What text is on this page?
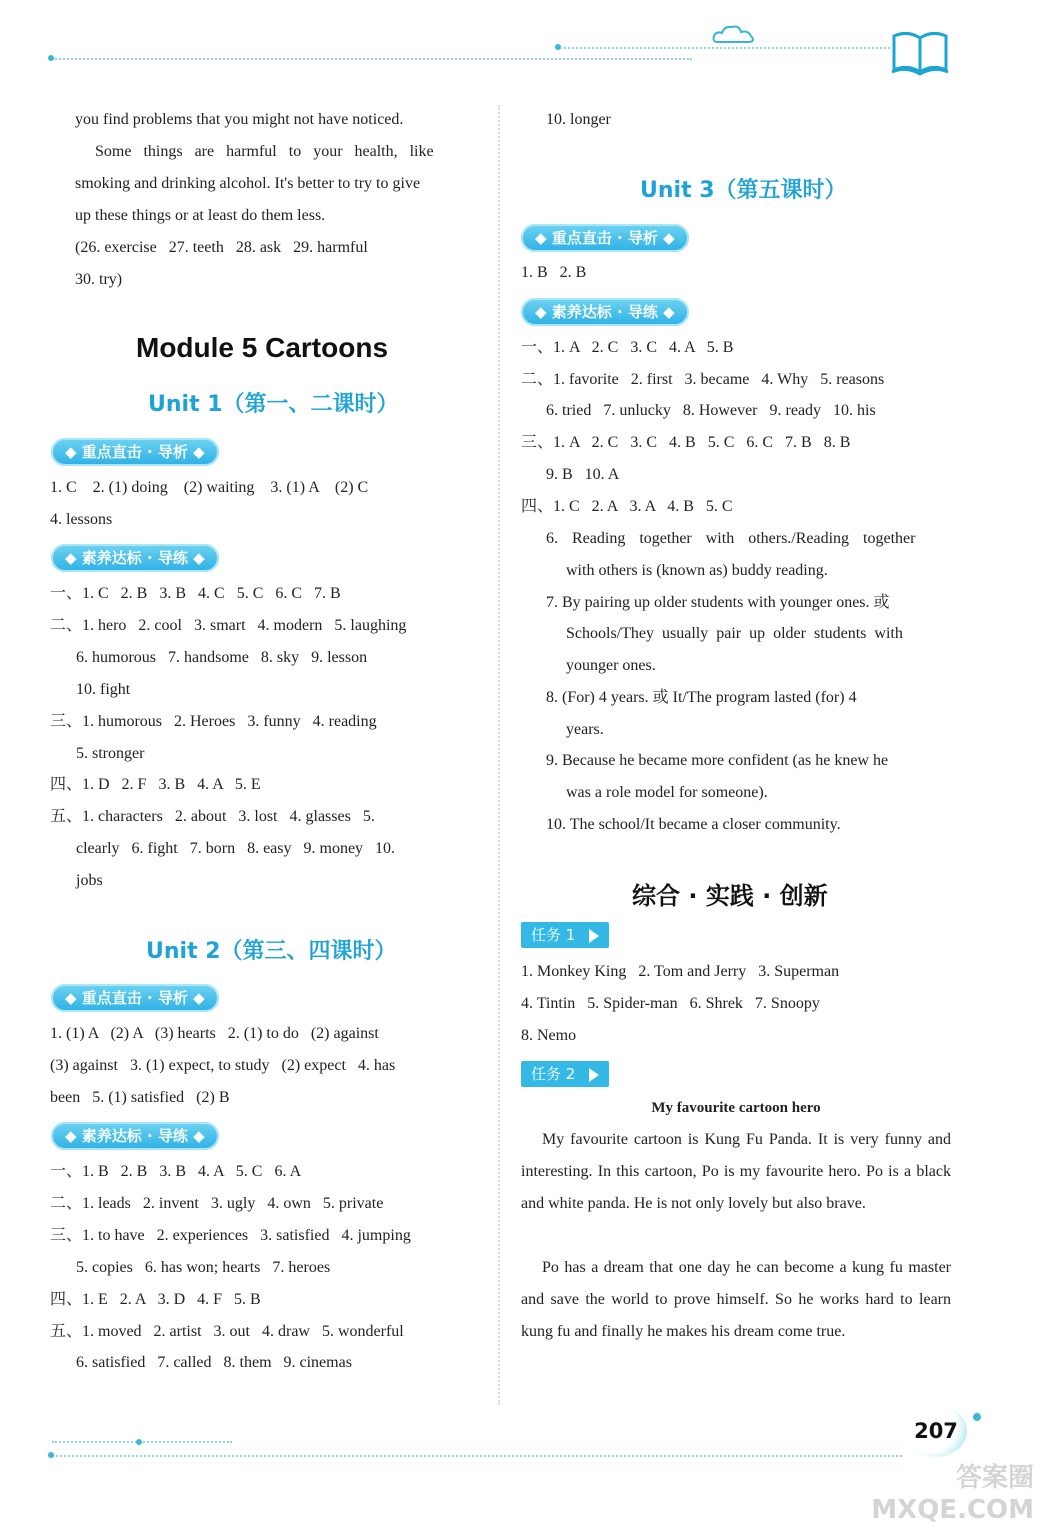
you find problems that you might not have noticed.
Some things are harmful to your health, like
smoking and drinking alcohol. It's better to try to give
up these things or at least do them less.
(26. exercise   27. teeth   28. ask   29. harmful
30. try)
Module 5 Cartoons
Unit 1（第一、二课时）
◆ 重点直击 · 导析 ◆
1. C    2. (1) doing    (2) waiting    3. (1) A    (2) C
4. lessons
◆ 素养达标 · 导练 ◆
一、1. C   2. B   3. B   4. C   5. C   6. C   7. B
二、1. hero   2. cool   3. smart   4. modern   5. laughing
6. humorous   7. handsome   8. sky   9. lesson
10. fight
三、1. humorous   2. Heroes   3. funny   4. reading
5. stronger
四、1. D   2. F   3. B   4. A   5. E
五、1. characters   2. about   3. lost   4. glasses   5.
clearly   6. fight   7. born   8. easy   9. money   10.
jobs
Unit 2（第三、四课时）
◆ 重点直击 · 导析 ◆
1. (1) A   (2) A   (3) hearts   2. (1) to do   (2) against
(3) against   3. (1) expect, to study   (2) expect   4. has
been   5. (1) satisfied   (2) B
◆ 素养达标 · 导练 ◆
一、1. B   2. B   3. B   4. A   5. C   6. A
二、1. leads   2. invent   3. ugly   4. own   5. private
三、1. to have   2. experiences   3. satisfied   4. jumping
5. copies   6. has won; hearts   7. heroes
四、1. E   2. A   3. D   4. F   5. B
五、1. moved   2. artist   3. out   4. draw   5. wonderful
6. satisfied   7. called   8. them   9. cinemas
10. longer
Unit 3（第五课时）
◆ 重点直击 · 导析 ◆
1. B   2. B
◆ 素养达标 · 导练 ◆
一、1. A   2. C   3. C   4. A   5. B
二、1. favorite   2. first   3. became   4. Why   5. reasons
6. tried   7. unlucky   8. However   9. ready   10. his
三、1. A   2. C   3. C   4. B   5. C   6. C   7. B   8. B
9. B   10. A
四、1. C   2. A   3. A   4. B   5. C
6. Reading together with others./Reading together
with others is (known as) buddy reading.
7. By pairing up older students with younger ones. 或
Schools/They usually pair up older students with
younger ones.
8. (For) 4 years. 或 It/The program lasted (for) 4
years.
9. Because he became more confident (as he knew he
was a role model for someone).
10. The school/It became a closer community.
综合 · 实践 · 创新
任务 1
1. Monkey King   2. Tom and Jerry   3. Superman
4. Tintin   5. Spider-man   6. Shrek   7. Snoopy
8. Nemo
任务 2
My favourite cartoon hero
My favourite cartoon is Kung Fu Panda. It is very funny and interesting. In this cartoon, Po is my favourite hero. Po is a black and white panda. He is not only lovely but also brave.
Po has a dream that one day he can become a kung fu master and save the world to prove himself. So he works hard to learn kung fu and finally he makes his dream come true.
207
答案圈 MXQE.COM
